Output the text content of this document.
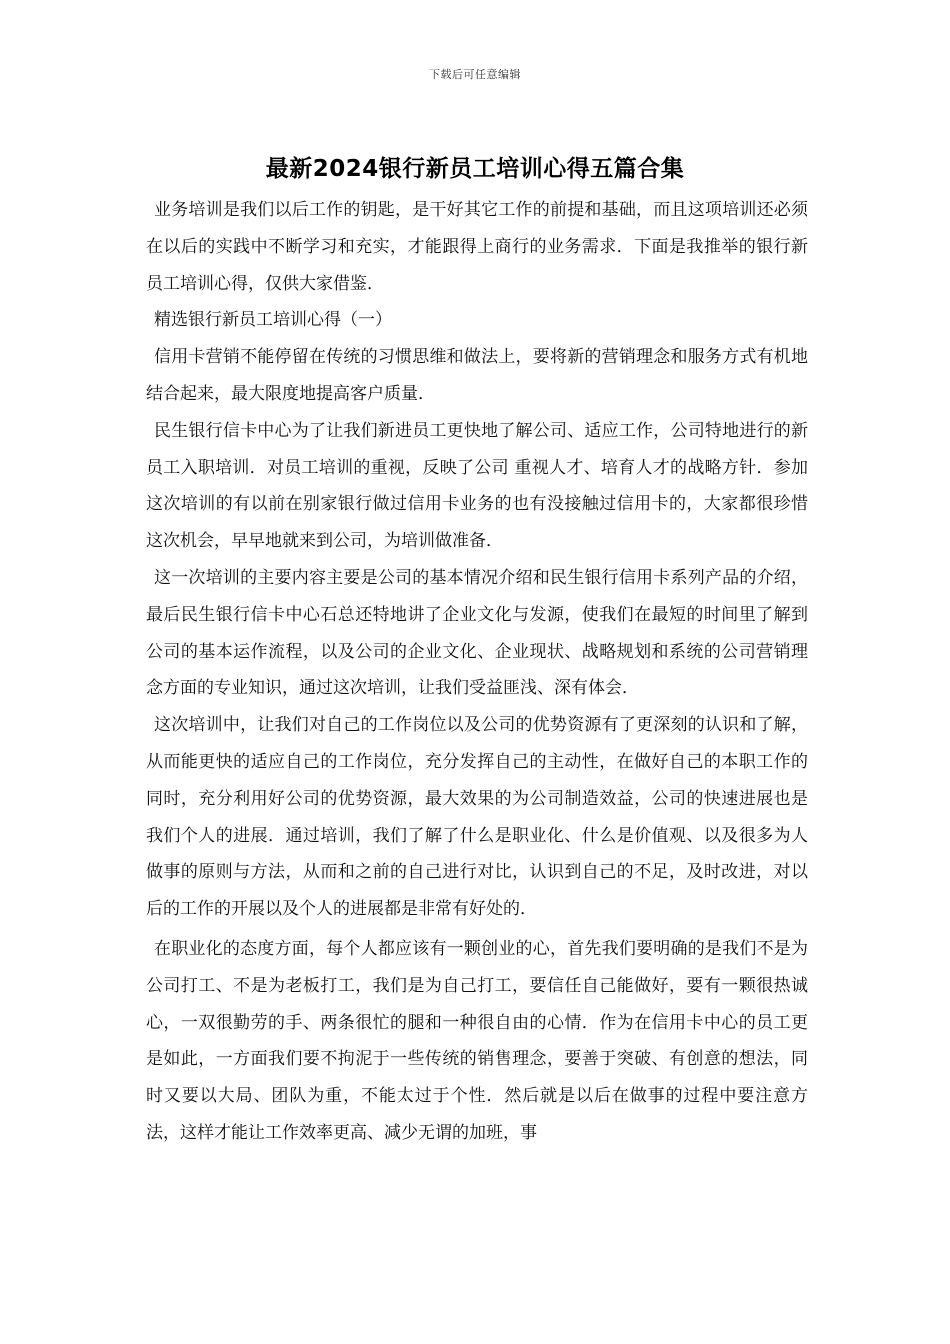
下载后可任意编辑
最新2024银行新员工培训心得五篇合集

业务培训是我们以后工作的钥匙，是干好其它工作的前提和基础，而且这项培训还必须在以后的实践中不断学习和充实，才能跟得上商行的业务需求．下面是我推举的银行新员工培训心得，仅供大家借鉴．

精选银行新员工培训心得（一）

信用卡营销不能停留在传统的习惯思维和做法上，要将新的营销理念和服务方式有机地结合起来，最大限度地提高客户质量．

民生银行信卡中心为了让我们新进员工更快地了解公司、适应工作，公司特地进行的新员工入职培训．对员工培训的重视，反映了公司 重视人才、培育人才的战略方针．参加这次培训的有以前在别家银行做过信用卡业务的也有没接触过信用卡的，大家都很珍惜这次机会，早早地就来到公司，为培训做准备．

这一次培训的主要内容主要是公司的基本情况介绍和民生银行信用卡系列产品的介绍，最后民生银行信卡中心石总还特地讲了企业文化与发源，使我们在最短的时间里了解到公司的基本运作流程，以及公司的企业文化、企业现状、战略规划和系统的公司营销理念方面的专业知识，通过这次培训，让我们受益匪浅、深有体会．

这次培训中，让我们对自己的工作岗位以及公司的优势资源有了更深刻的认识和了解，从而能更快的适应自己的工作岗位，充分发挥自己的主动性，在做好自己的本职工作的同时，充分利用好公司的优势资源，最大效果的为公司制造效益，公司的快速进展也是我们个人的进展．通过培训，我们了解了什么是职业化、什么是价值观、以及很多为人做事的原则与方法，从而和之前的自己进行对比，认识到自己的不足，及时改进，对以后的工作的开展以及个人的进展都是非常有好处的．

在职业化的态度方面，每个人都应该有一颗创业的心，首先我们要明确的是我们不是为公司打工、不是为老板打工，我们是为自己打工，要信任自己能做好，要有一颗很热诚心，一双很勤劳的手、两条很忙的腿和一种很自由的心情．作为在信用卡中心的员工更是如此，一方面我们要不拘泥于一些传统的销售理念，要善于突破、有创意的想法，同时又要以大局、团队为重，不能太过于个性．然后就是以后在做事的过程中要注意方法，这样才能让工作效率更高、减少无谓的加班，事
